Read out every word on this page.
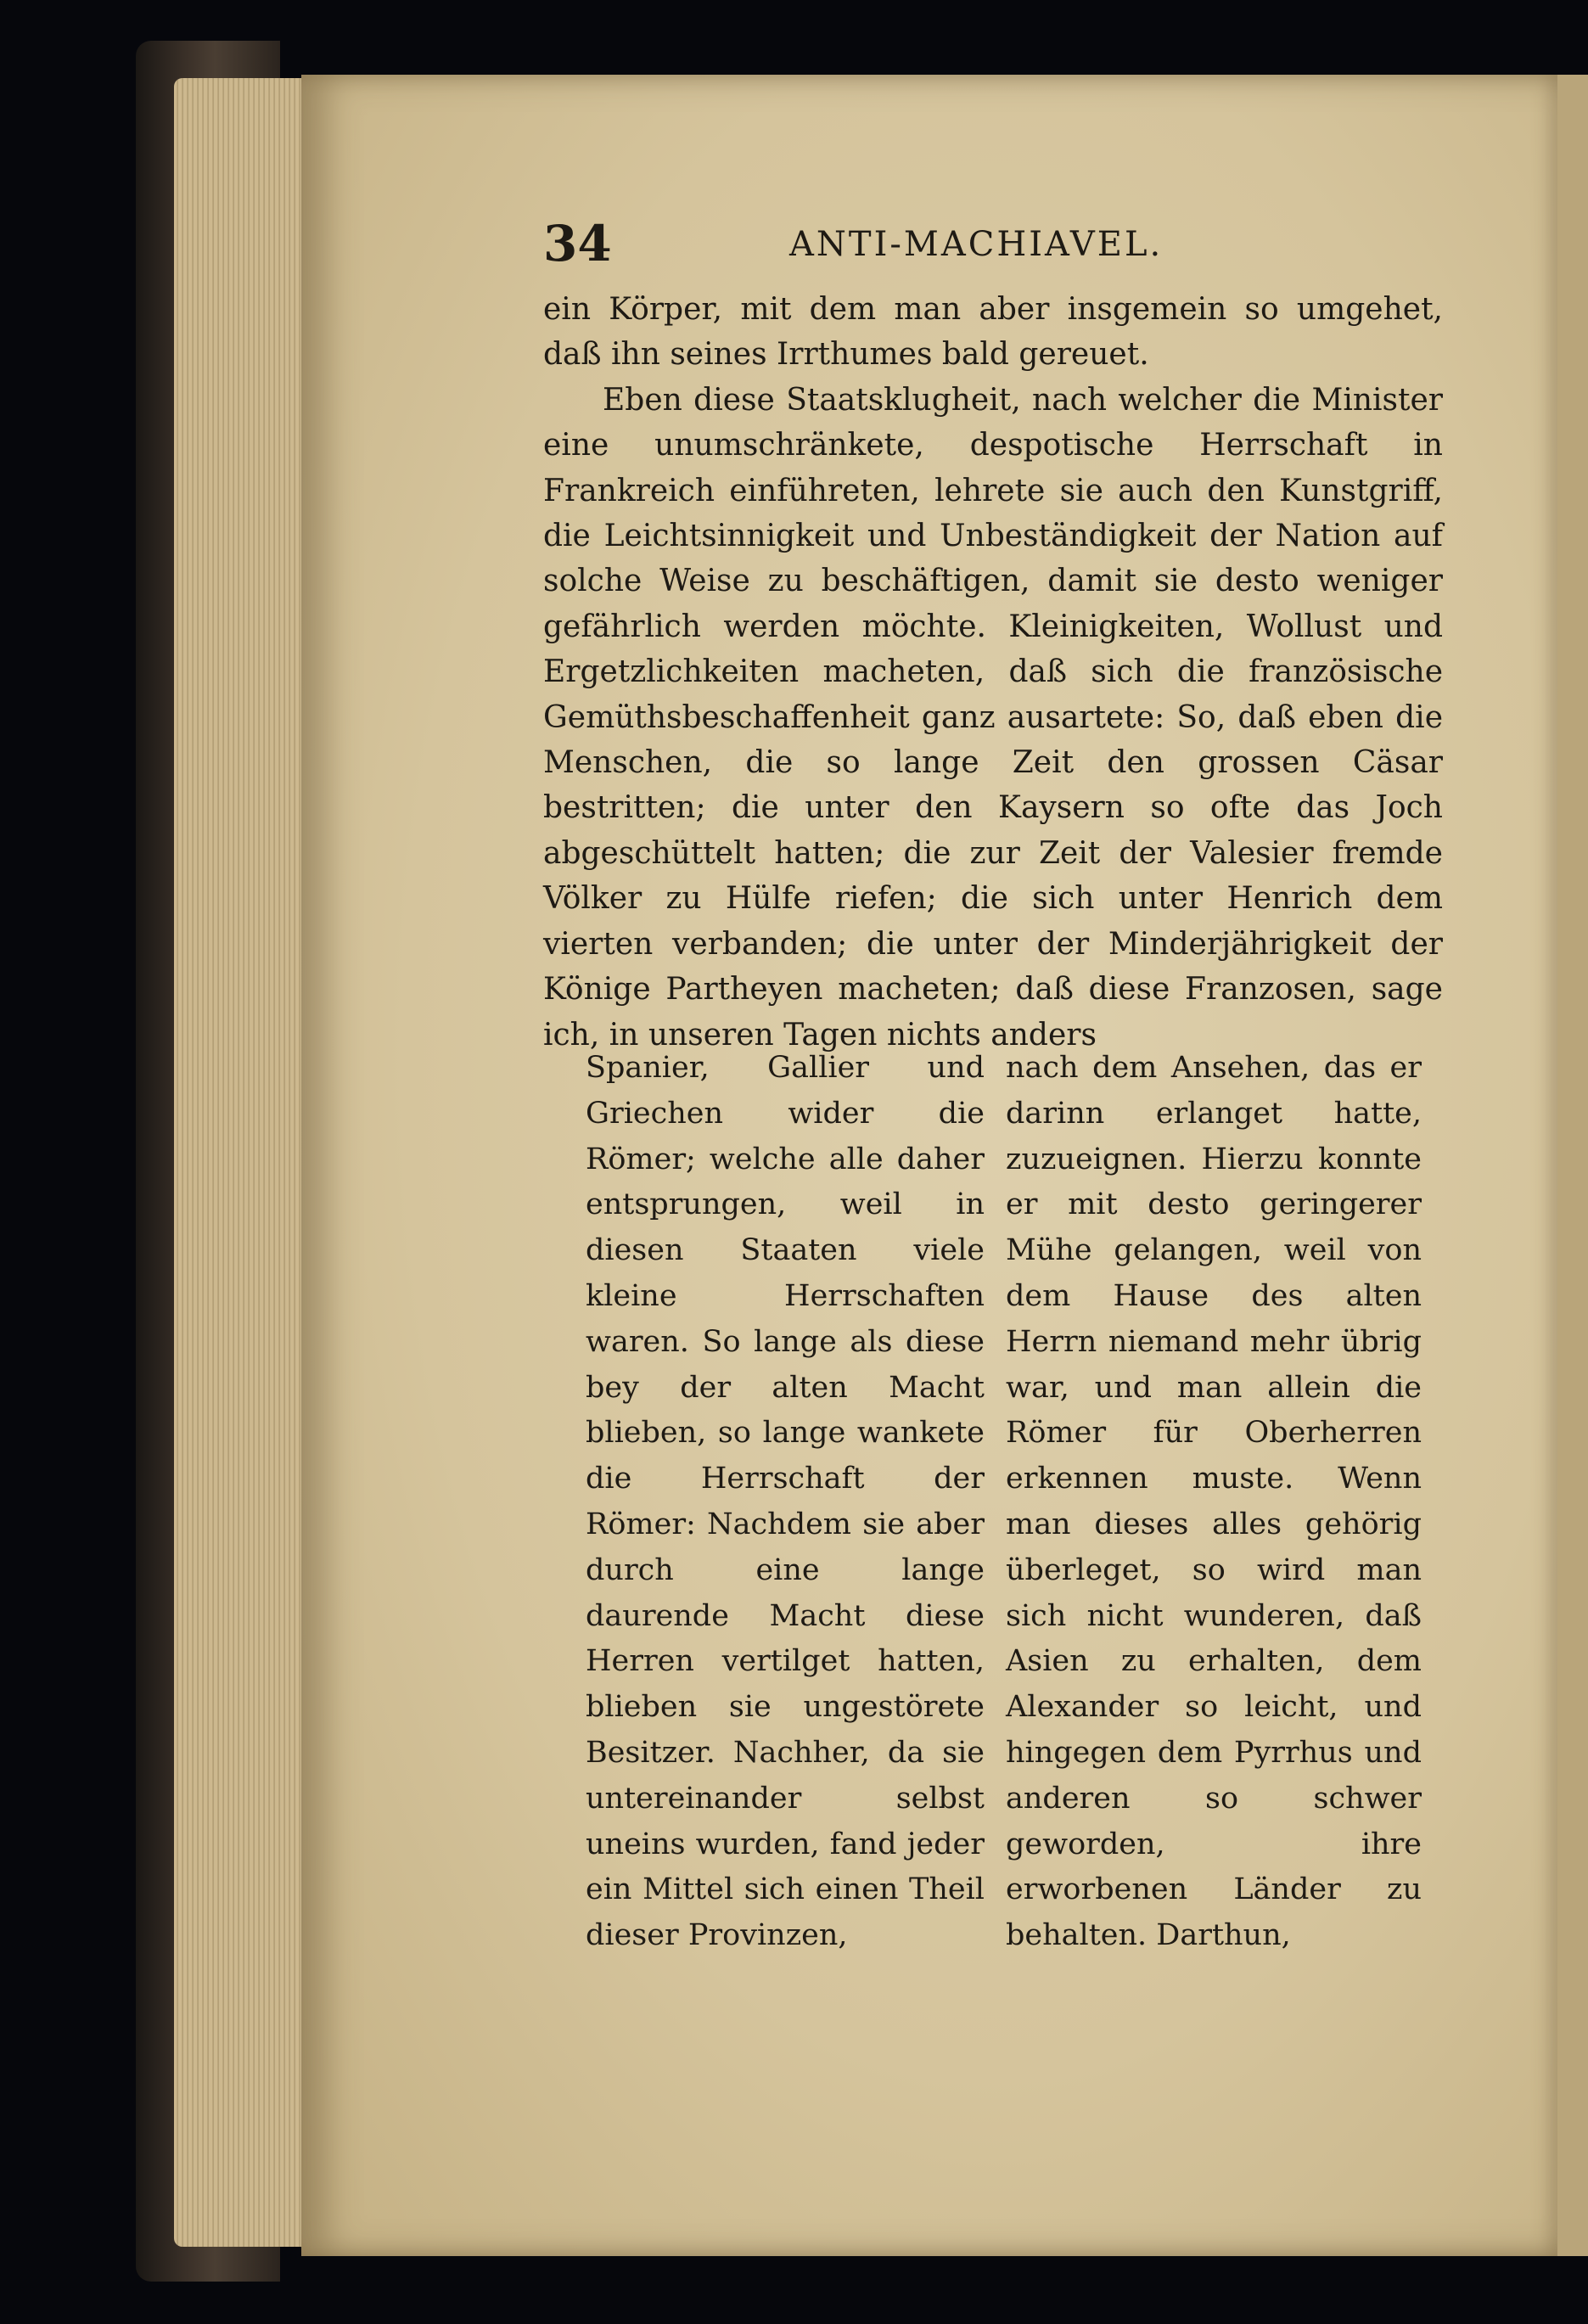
34	ANTI-MACHIAVEL.

ein Körper, mit dem man aber insgemein so umgehet, daß ihn seines Irrthumes bald gereuet.

Eben diese Staatsklugheit, nach welcher die Minister eine unumschränkete, despotische Herrschaft in Frankreich einführeten, lehrete sie auch den Kunstgriff, die Leichtsinnigkeit und Unbeständigkeit der Nation auf solche Weise zu beschäftigen, damit sie desto weniger gefährlich werden möchte. Kleinigkeiten, Wollust und Ergetzlichkeiten macheten, daß sich die französische Gemüthsbeschaffenheit ganz ausartete: So, daß eben die Menschen, die so lange Zeit den grossen Cäsar bestritten; die unter den Kaysern so ofte das Joch abgeschüttelt hatten; die zur Zeit der Valesier fremde Völker zu Hülfe riefen; die sich unter Henrich dem vierten verbanden; die unter der Minderjährigkeit der Könige Partheyen macheten; daß diese Franzosen, sage ich, in unseren Tagen nichts anders

Spanier, Gallier und Griechen wider die Römer; welche alle daher entsprungen, weil in diesen Staaten viele kleine Herrschaften waren. So lange als diese bey der alten Macht blieben, so lange wankete die Herrschaft der Römer: Nachdem sie aber durch eine lange daurende Macht diese Herren vertilget hatten, blieben sie ungestörete Besitzer. Nachher, da sie untereinander selbst uneins wurden, fand jeder ein Mittel sich einen Theil dieser Provinzen,

nach dem Ansehen, das er darinn erlanget hatte, zuzueignen. Hierzu konnte er mit desto geringerer Mühe gelangen, weil von dem Hause des alten Herrn niemand mehr übrig war, und man allein die Römer für Oberherren erkennen muste. Wenn man dieses alles gehörig überleget, so wird man sich nicht wunderen, daß Asien zu erhalten, dem Alexander so leicht, und hingegen dem Pyrrhus und anderen so schwer geworden, ihre erworbenen Länder zu behalten. Darthun,
